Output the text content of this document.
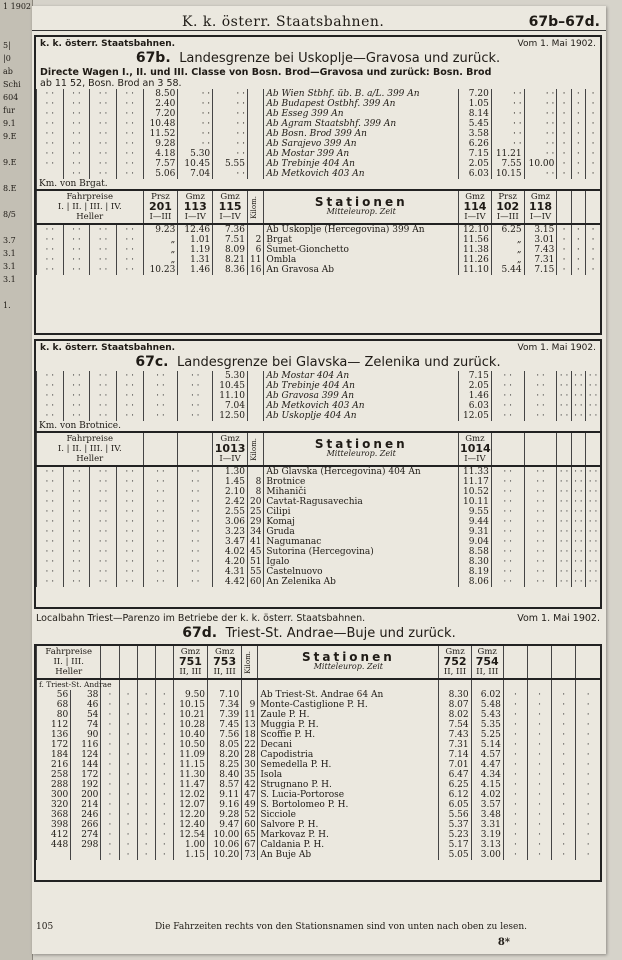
1 1902

5|
|0
ab
Schi
604
fur
9.1
9.E

9.E

8.E

8/5

3.7
3.1
3.1
3.1

1.

K. k. österr. Staatsbahnen.	67b–67d.
k. k. österr. Staatsbahnen.	Vom 1. Mai 1902.
67b. Landesgrenze bei Uskoplje—Gravosa und zurück.
Directe Wagen I., II. und III. Classe von Bosn. Brod—Gravosa und zurück: Bosn. Brod
ab 11 52, Bosn. Brod an 3 58.
· ·	· ·	· ·	· ·	8.50	· ·	· ·		Ab Wien Stbhf. üb. B. a/L. 399 An	7.20	· ·	· ·	·	·	·
· ·	· ·	· ·	· ·	2.40	· ·	· ·		Ab Budapest Ostbhf. 399 An	1.05	· ·	· ·	·	·	·
· ·	· ·	· ·	· ·	7.20	· ·	· ·		Ab Esseg 399 An	8.14	· ·	· ·	·	·	·
· ·	· ·	· ·	· ·	10.48	· ·	· ·		Ab Agram Staatsbhf. 399 An	5.45	· ·	· ·	·	·	·
· ·	· ·	· ·	· ·	11.52	· ·	· ·		Ab Bosn. Brod 399 An	3.58	· ·	· ·	·	·	·
· ·	· ·	· ·	· ·	9.28	· ·	· ·		Ab Sarajevo 399 An	6.26	· ·	· ·	·	·	·
· ·	· ·	· ·	· ·	4.18	5.30	· ·		Ab Mostar 399 An	7.15	11.21	· ·	·	·	·
· ·	· ·	· ·	· ·	7.57	10.45	5.55		Ab Trebinje 404 An	2.05	7.55	10.00	·	·	·
	· ·	· ·	· ·	5.06	7.04	· ·		Ab Metkovich 403 An	6.03	10.15	· ·	·	·	·
Km. von Brgat.														
Fahrpreise
I. | II. | III. | IV.
Heller

Prsz
201
I—III

Gmz
113
I—IV

Gmz
115
I—IV	Kilom.	Stationen
Mitteleurop. Zeit

Gmz
114
I—IV

Prsz
102
I—III

Gmz
118
I—IV

· ·	· ·	· ·	· ·	9.23	12.46	7.36		Ab Uskoplje (Hercegovina) 399 An	12.10	6.25	3.15	·	·	·
· ·	· ·	· ·	· ·	„	1.01	7.51	2	Brgat	11.56	„	3.01	·	·	·
· ·	· ·	· ·	· ·	„	1.19	8.09	6	Šumet-Gionchetto	11.38	„	7.43	·	·	·
· ·	· ·	· ·	· ·	„	1.31	8.21	11	Ombla	11.26	„	7.31	·	·	·
· ·	· ·	· ·	· ·	10.23	1.46	8.36	16	An Gravosa Ab	11.10	5.44	7.15	·	·	·
k. k. österr. Staatsbahnen.	Vom 1. Mai 1902.
67c. Landesgrenze bei Glavska— Zelenika und zurück.
· ·	· ·	· ·	· ·	· ·	· ·	5.30		Ab Mostar 404 An	7.15	· ·	· ·	· ·	· ·	· ·
· ·	· ·	· ·	· ·	· ·	· ·	10.45		Ab Trebinje 404 An	2.05	· ·	· ·	· ·	· ·	· ·
· ·	· ·	· ·	· ·	· ·	· ·	11.10		Ab Gravosa 399 An	1.46	· ·	· ·	· ·	· ·	· ·
· ·	· ·	· ·	· ·	· ·	· ·	7.04		Ab Metkovich 403 An	6.03	· ·	· ·	· ·	· ·	· ·
· ·	· ·	· ·	· ·	· ·	· ·	12.50		Ab Uskoplje 404 An	12.05	· ·	· ·	· ·	· ·	· ·
Km. von Brotnice.														
Fahrpreise
I. | II. | III. | IV.
Heller

Gmz
1013
I—IV	Kilom.	Stationen
Mitteleurop. Zeit

Gmz
1014
I—IV

· ·	· ·	· ·	· ·	· ·	· ·	1.30		Ab Glavska (Hercegovina) 404 An	11.33	· ·	· ·	· ·	· ·	· ·
· ·	· ·	· ·	· ·	· ·	· ·	1.45	8	Brotnice	11.17	· ·	· ·	· ·	· ·	· ·
· ·	· ·	· ·	· ·	· ·	· ·	2.10	8	Mihaniči	10.52	· ·	· ·	· ·	· ·	· ·
· ·	· ·	· ·	· ·	· ·	· ·	2.42	20	Cavtat-Ragusavechia	10.11	· ·	· ·	· ·	· ·	· ·
· ·	· ·	· ·	· ·	· ·	· ·	2.55	25	Cilipi	9.55	· ·	· ·	· ·	· ·	· ·
· ·	· ·	· ·	· ·	· ·	· ·	3.06	29	Komaj	9.44	· ·	· ·	· ·	· ·	· ·
· ·	· ·	· ·	· ·	· ·	· ·	3.23	34	Gruda	9.31	· ·	· ·	· ·	· ·	· ·
· ·	· ·	· ·	· ·	· ·	· ·	3.47	41	Nagumanac	9.04	· ·	· ·	· ·	· ·	· ·
· ·	· ·	· ·	· ·	· ·	· ·	4.02	45	Sutorina (Hercegovina)	8.58	· ·	· ·	· ·	· ·	· ·
· ·	· ·	· ·	· ·	· ·	· ·	4.20	51	Igalo	8.30	· ·	· ·	· ·	· ·	· ·
· ·	· ·	· ·	· ·	· ·	· ·	4.31	55	Castelnuovo	8.19	· ·	· ·	· ·	· ·	· ·
· ·	· ·	· ·	· ·	· ·	· ·	4.42	60	An Zelenika Ab	8.06	· ·	· ·	· ·	· ·	· ·
Localbahn Triest—Parenzo im Betriebe der k. k. österr. Staatsbahnen.	Vom 1. Mai 1902.
67d. Triest-St. Andrae—Buje und zurück.
Fahrpreise
II. | III.
Heller

Gmz
751
II, III

Gmz
753
II, III	Kilom.	Stationen
Mitteleurop. Zeit

Gmz
752
II, III

Gmz
754
II, III

f. Triest-St. Andrae															
56	38	·	·	·	·	9.50	7.10		Ab Triest-St. Andrae 64 An	8.30	6.02	·	·	·	·
68	46	·	·	·	·	10.15	7.34	9	Monte-Castiglione P. H.	8.07	5.48	·	·	·	·
80	54	·	·	·	·	10.21	7.39	11	Zaule P. H.	8.02	5.43	·	·	·	·
112	74	·	·	·	·	10.28	7.45	13	Muggia P. H.	7.54	5.35	·	·	·	·
136	90	·	·	·	·	10.40	7.56	18	Scoffie P. H.	7.43	5.25	·	·	·	·
172	116	·	·	·	·	10.50	8.05	22	Decani	7.31	5.14	·	·	·	·
184	124	·	·	·	·	11.09	8.20	28	Capodistria	7.14	4.57	·	·	·	·
216	144	·	·	·	·	11.15	8.25	30	Semedella P. H.	7.01	4.47	·	·	·	·
258	172	·	·	·	·	11.30	8.40	35	Isola	6.47	4.34	·	·	·	·
288	192	·	·	·	·	11.47	8.57	42	Strugnano P. H.	6.25	4.15	·	·	·	·
300	200	·	·	·	·	12.02	9.11	47	S. Lucia-Portorose	6.12	4.02	·	·	·	·
320	214	·	·	·	·	12.07	9.16	49	S. Bortolomeo P. H.	6.05	3.57	·	·	·	·
368	246	·	·	·	·	12.20	9.28	52	Sicciole	5.56	3.48	·	·	·	·
398	266	·	·	·	·	12.40	9.47	60	Salvore P. H.	5.37	3.31	·	·	·	·
412	274	·	·	·	·	12.54	10.00	65	Markovaz P. H.	5.23	3.19	·	·	·	·
448	298	·	·	·	·	1.00	10.06	67	Caldania P. H.	5.17	3.13	·	·	·	·
		·	·	·	·	1.15	10.20	73	An Buje Ab	5.05	3.00	·	·	·	·
105	Die Fahrzeiten rechts von den Stationsnamen sind von unten nach oben zu lesen.
8*
